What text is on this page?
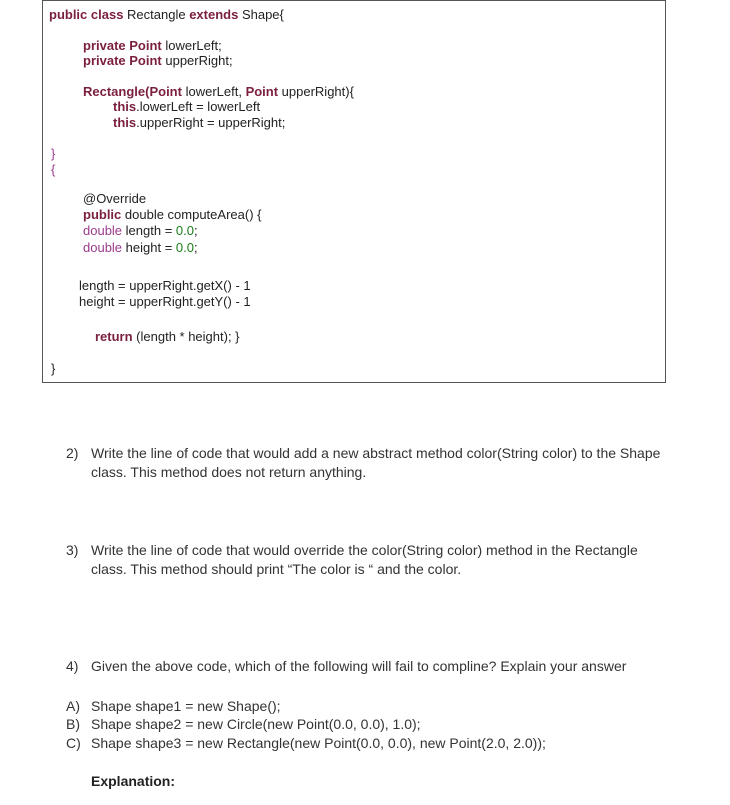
public class Rectangle extends Shape{
private Point lowerLeft;
private Point upperRight;
Rectangle(Point lowerLeft, Point upperRight){
this.lowerLeft = lowerLeft
this.upperRight = upperRight;
}
{
@Override
public double computeArea() {
double length = 0.0;
double height = 0.0;
length = upperRight.getX() - 1
height = upperRight.getY() - 1
return (length * height); }
}
2) Write the line of code that would add a new abstract method color(String color) to the Shape class. This method does not return anything.
3) Write the line of code that would override the color(String color) method in the Rectangle class. This method should print “The color is “ and the color.
4) Given the above code, which of the following will fail to compline? Explain your answer
A) Shape shape1 = new Shape();
B) Shape shape2 = new Circle(new Point(0.0, 0.0), 1.0);
C) Shape shape3 = new Rectangle(new Point(0.0, 0.0), new Point(2.0, 2.0));
Explanation:
